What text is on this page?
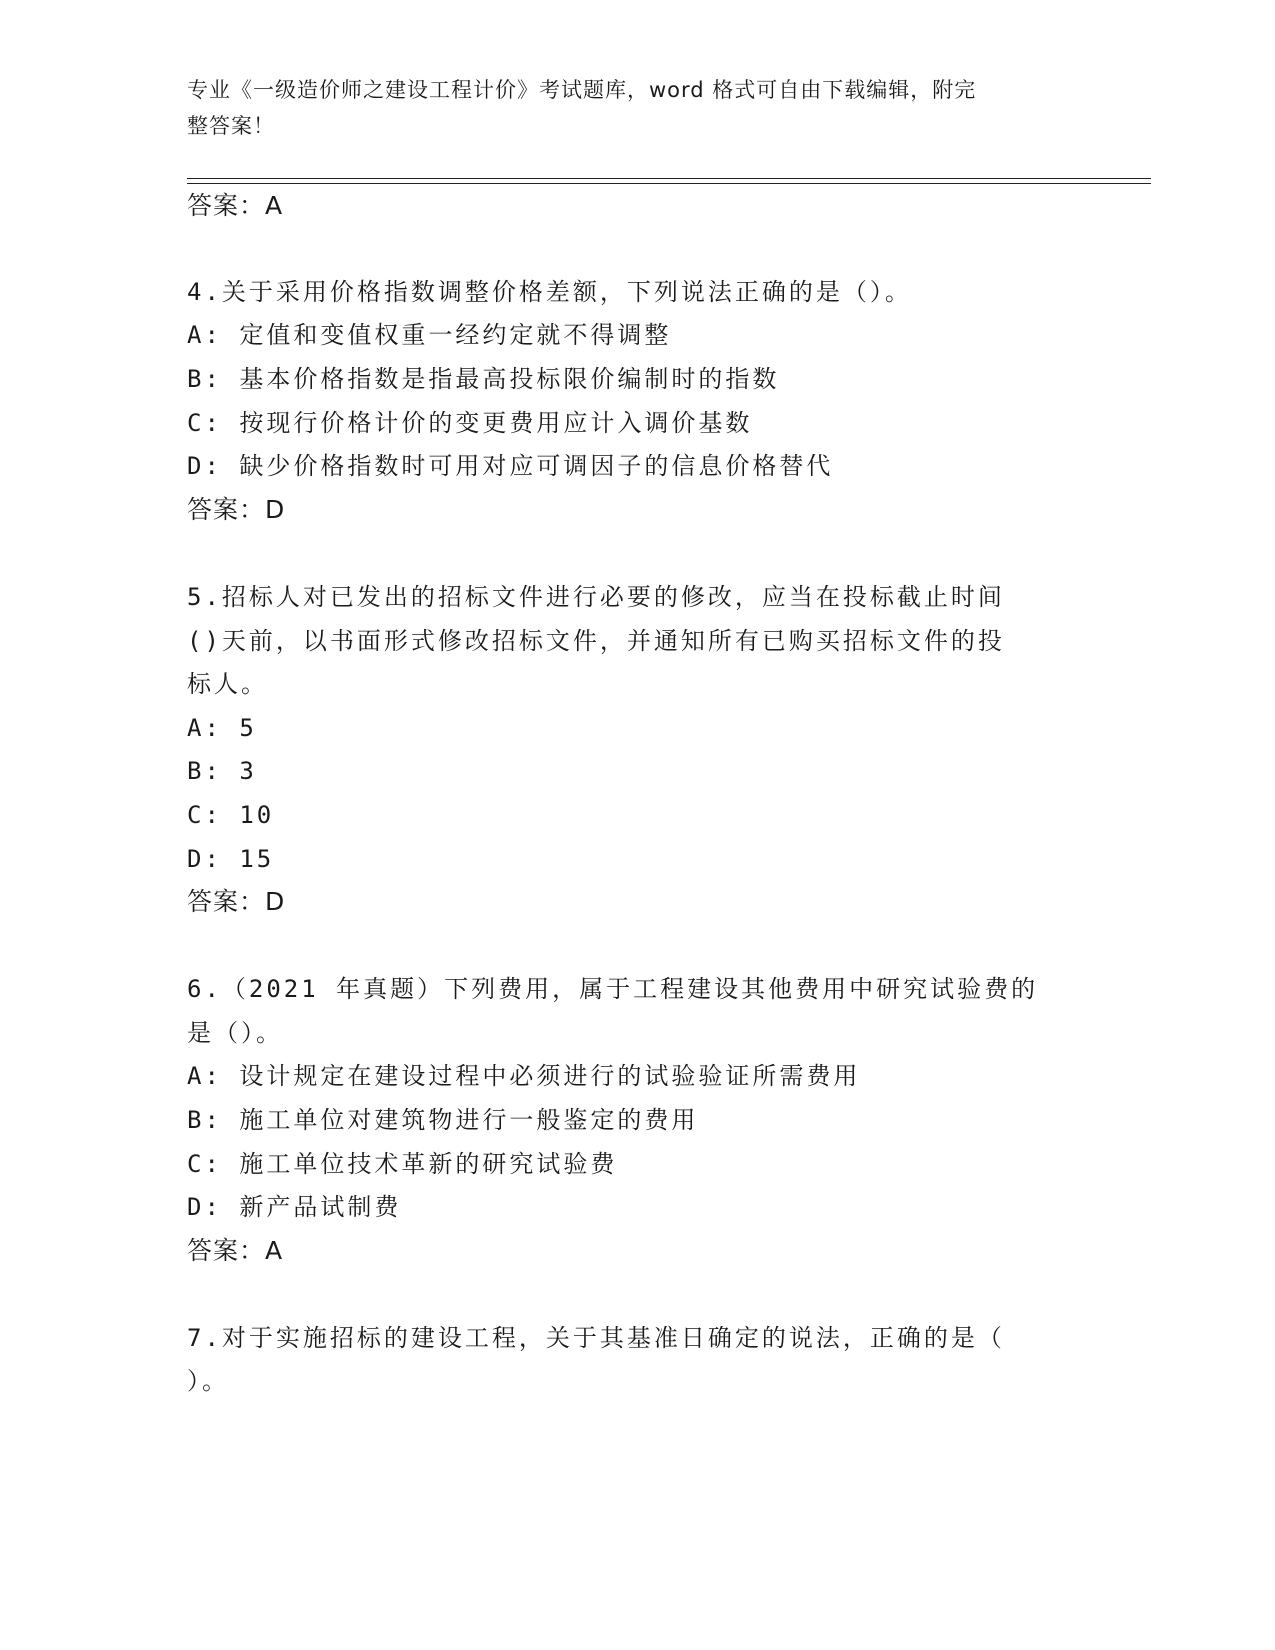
专业《一级造价师之建设工程计价》考试题库，word 格式可自由下载编辑，附完
整答案！
答案：A
4.关于采用价格指数调整价格差额，下列说法正确的是（）。
A: 定值和变值权重一经约定就不得调整
B: 基本价格指数是指最高投标限价编制时的指数
C: 按现行价格计价的变更费用应计入调价基数
D: 缺少价格指数时可用对应可调因子的信息价格替代
答案：D
5.招标人对已发出的招标文件进行必要的修改，应当在投标截止时间
()天前，以书面形式修改招标文件，并通知所有已购买招标文件的投
标人。
A: 5
B: 3
C: 10
D: 15
答案：D
6.（2021 年真题）下列费用，属于工程建设其他费用中研究试验费的
是（）。
A: 设计规定在建设过程中必须进行的试验验证所需费用
B: 施工单位对建筑物进行一般鉴定的费用
C: 施工单位技术革新的研究试验费
D: 新产品试制费
答案：A
7.对于实施招标的建设工程，关于其基准日确定的说法，正确的是（
）。
